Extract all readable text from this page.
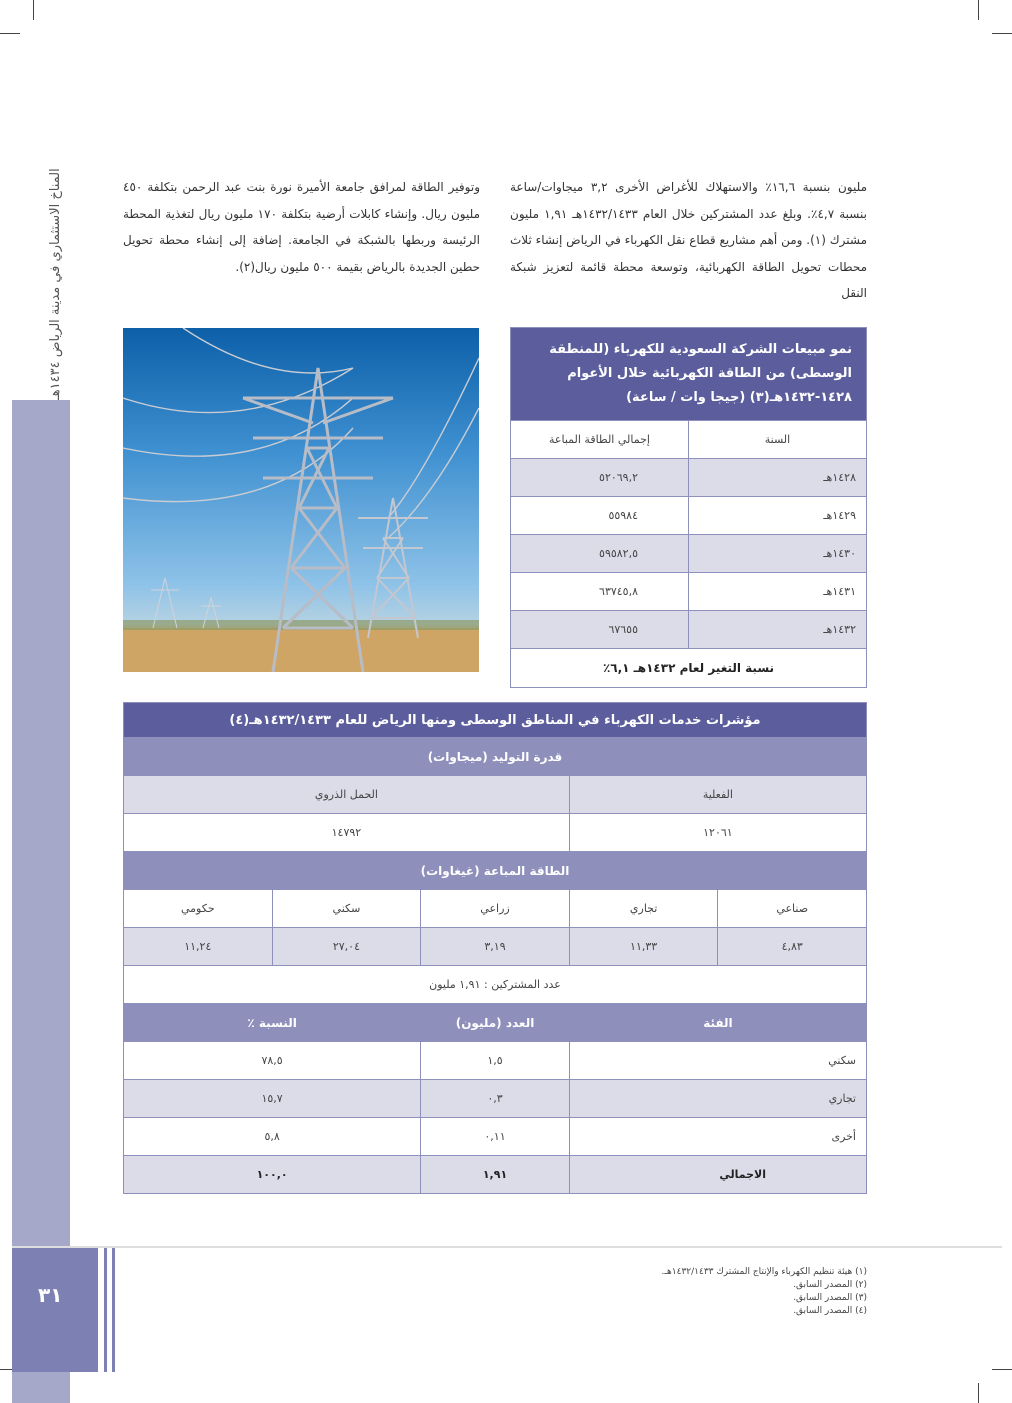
المناخ الاستثماري في مدينة الرياض ١٤٣٤هـ
٣١
مليون بنسبة ١٦,٦٪ والاستهلاك للأغراض الأخرى ٣,٢ ميجاوات/ساعة بنسبة ٤,٧٪. وبلغ عدد المشتركين خلال العام ١٤٣٢/١٤٣٣هـ ١,٩١ مليون مشترك (١). ومن أهم مشاريع قطاع نقل الكهرباء في الرياض إنشاء ثلاث محطات تحويل الطاقة الكهربائية، وتوسعة محطة قائمة لتعزيز شبكة النقل
وتوفير الطاقة لمرافق جامعة الأميرة نورة بنت عبد الرحمن بتكلفة ٤٥٠ مليون ريال. وإنشاء كابلات أرضية بتكلفة ١٧٠ مليون ريال لتغذية المحطة الرئيسة وربطها بالشبكة في الجامعة. إضافة إلى إنشاء محطة تحويل حطين الجديدة بالرياض بقيمة ٥٠٠ مليون ريال(٢).
نمو مبيعات الشركة السعودية للكهرباء (للمنطقة الوسطى) من الطاقة الكهربائية خلال الأعوام ١٤٢٨-١٤٣٢هـ(٣) (جيجا وات / ساعة)	
السنة	إجمالي الطاقة المباعة
١٤٢٨هـ	٥٢٠٦٩,٢
١٤٢٩هـ	٥٥٩٨٤
١٤٣٠هـ	٥٩٥٨٢,٥
١٤٣١هـ	٦٣٧٤٥,٨
١٤٣٢هـ	٦٧٦٥٥
نسبة التغير لعام ١٤٣٢هـ ٦,١٪	
مؤشرات خدمات الكهرباء في المناطق الوسطى ومنها الرياض للعام ١٤٣٢/١٤٣٣هـ(٤)				
قدرة التوليد (ميجاوات)				
الفعلية		الحمل الذروي		
١٢٠٦١		١٤٧٩٢		
الطاقة المباعة (غيغاوات)				
صناعي	تجاري	زراعي	سكني	حكومي
٤,٨٣	١١,٣٣	٣,١٩	٢٧,٠٤	١١,٢٤
عدد المشتركين : ١,٩١ مليون				
الفئة		العدد (مليون)	النسبة ٪	
سكني		١,٥	٧٨,٥	
تجاري		٠,٣	١٥,٧	
أخرى		٠,١١	٥,٨	
الاجمالي		١,٩١	١٠٠,٠	
(١) هيئة تنظيم الكهرباء والإنتاج المشترك ١٤٣٢/١٤٣٣هـ.
(٢) المصدر السابق.
(٣) المصدر السابق.
(٤) المصدر السابق.
